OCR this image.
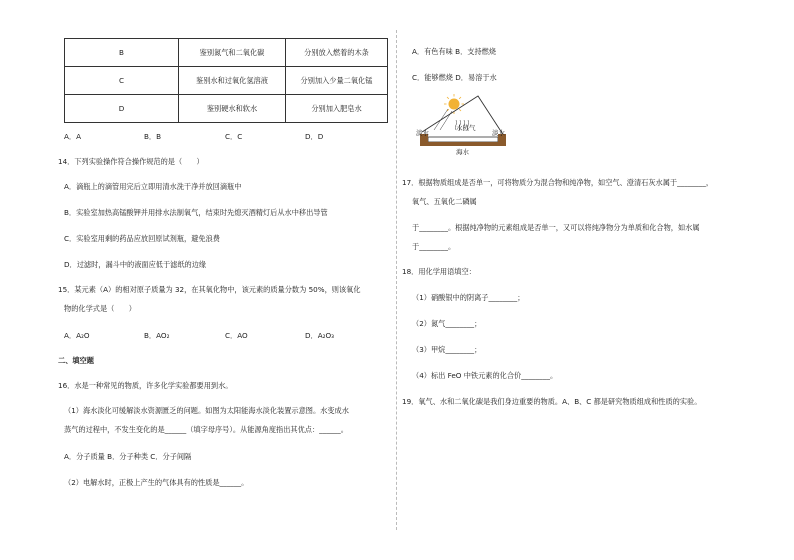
B	鉴别氮气和二氧化碳	分别放入燃着的木条
C	鉴别水和过氧化氢溶液	分别加入少量二氧化锰
D	鉴别硬水和软水	分别加入肥皂水
A．A	B．B	C．C	D．D
14．下列实验操作符合操作规范的是（　　）
A．滴瓶上的滴管用完后立即用清水洗干净并放回滴瓶中
B．实验室加热高锰酸钾并用排水法制氧气，结束时先熄灭酒精灯后从水中移出导管
C．实验室用剩的药品应放回原试剂瓶，避免浪费
D．过滤时，漏斗中的液面应低于滤纸的边缘
15．某元素（A）的相对原子质量为 32，在其氧化物中，该元素的质量分数为 50%，则该氧化
物的化学式是（　　）
A．A₂O	B．AO₂	C．AO	D．A₂O₃
二、填空题
16．水是一种常见的物质，许多化学实验都要用到水。
（1）海水淡化可缓解淡水资源匮乏的问题。如图为太阳能海水淡化装置示意图。水变成水
蒸气的过程中，不发生变化的是______（填字母序号）。从能源角度指出其优点：______。
A．分子质量 B．分子种类 C．分子间隔
（2）电解水时，正极上产生的气体具有的性质是______。
A．有色有味 B．支持燃烧
C．能够燃烧 D．易溶于水
淡水
水蒸气
淡水
海水
17．根据物质组成是否单一，可将物质分为混合物和纯净物，如空气、澄清石灰水属于________，
氧气、五氧化二磷属
于________。根据纯净物的元素组成是否单一，又可以将纯净物分为单质和化合物，如水属
于________。
18．用化学用语填空：
（1）硝酸银中的阴离子________；
（2）氮气________；
（3）甲烷________；
（4）标出 FeO 中铁元素的化合价________。
19．氧气、水和二氧化碳是我们身边重要的物质。A、B、C 都是研究物质组成和性质的实验。
